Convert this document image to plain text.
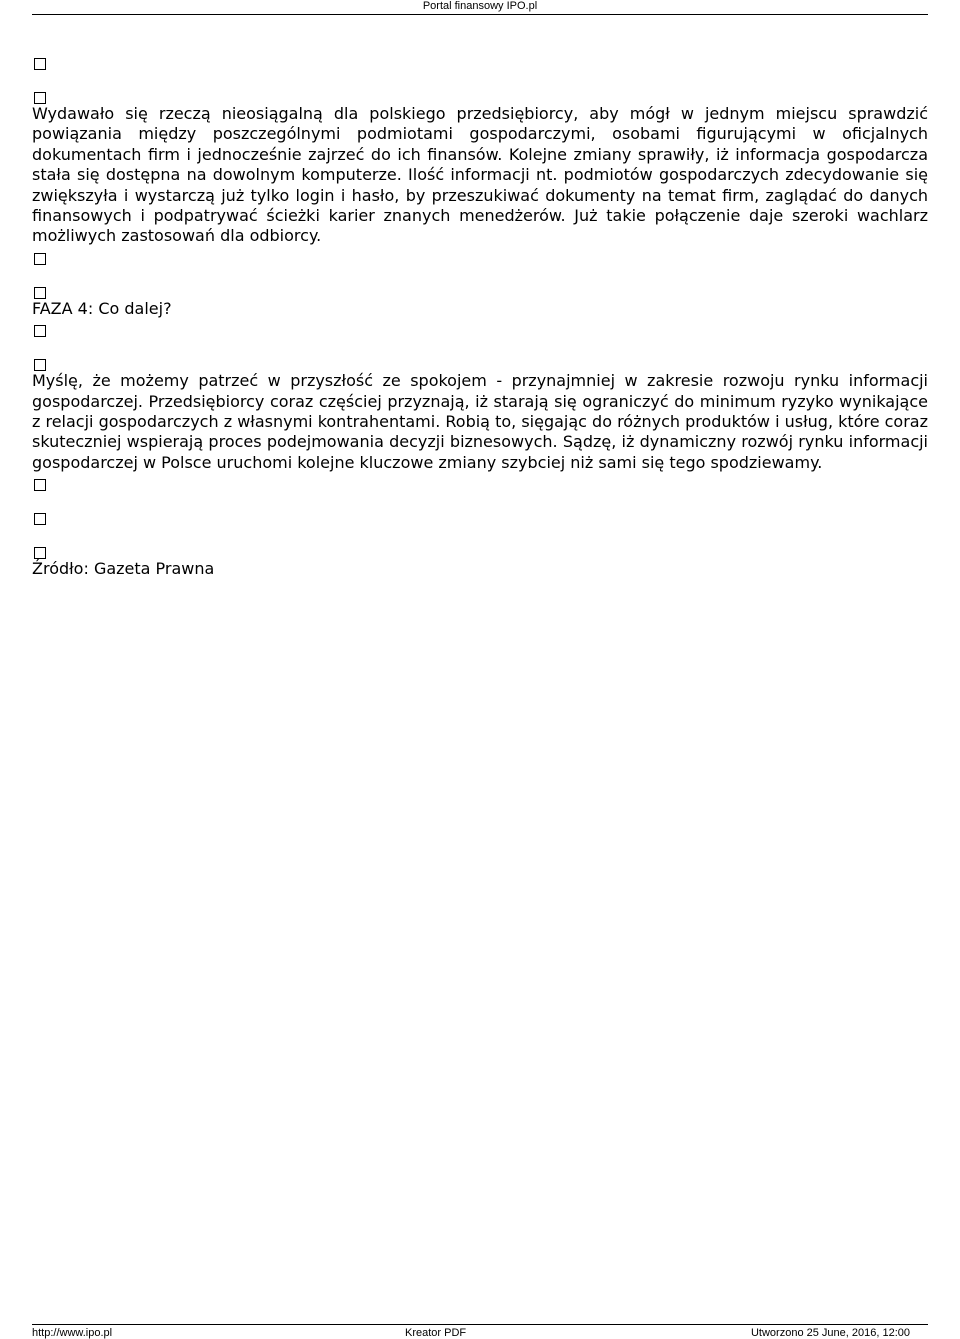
Portal finansowy IPO.pl

Wydawało się rzeczą nieosiągalną dla polskiego przedsiębiorcy, aby mógł w jednym miejscu sprawdzić powiązania między poszczególnymi podmiotami gospodarczymi, osobami figurującymi w oficjalnych dokumentach firm i jednocześnie zajrzeć do ich finansów. Kolejne zmiany sprawiły, iż informacja gospodarcza stała się dostępna na dowolnym komputerze. Ilość informacji nt. podmiotów gospodarczych zdecydowanie się zwiększyła i wystarczą już tylko login i hasło, by przeszukiwać dokumenty na temat firm, zaglądać do danych finansowych i podpatrywać ścieżki karier znanych menedżerów. Już takie połączenie daje szeroki wachlarz możliwych zastosowań dla odbiorcy.

FAZA 4: Co dalej?

Myślę, że możemy patrzeć w przyszłość ze spokojem - przynajmniej w zakresie rozwoju rynku informacji gospodarczej. Przedsiębiorcy coraz częściej przyznają, iż starają się ograniczyć do minimum ryzyko wynikające z relacji gospodarczych z własnymi kontrahentami. Robią to, sięgając do różnych produktów i usług, które coraz skuteczniej wspierają proces podejmowania decyzji biznesowych. Sądzę, iż dynamiczny rozwój rynku informacji gospodarczej w Polsce uruchomi kolejne kluczowe zmiany szybciej niż sami się tego spodziewamy.

Źródło: Gazeta Prawna

http://www.ipo.pl	Kreator PDF	Utworzono 25 June, 2016, 12:00
